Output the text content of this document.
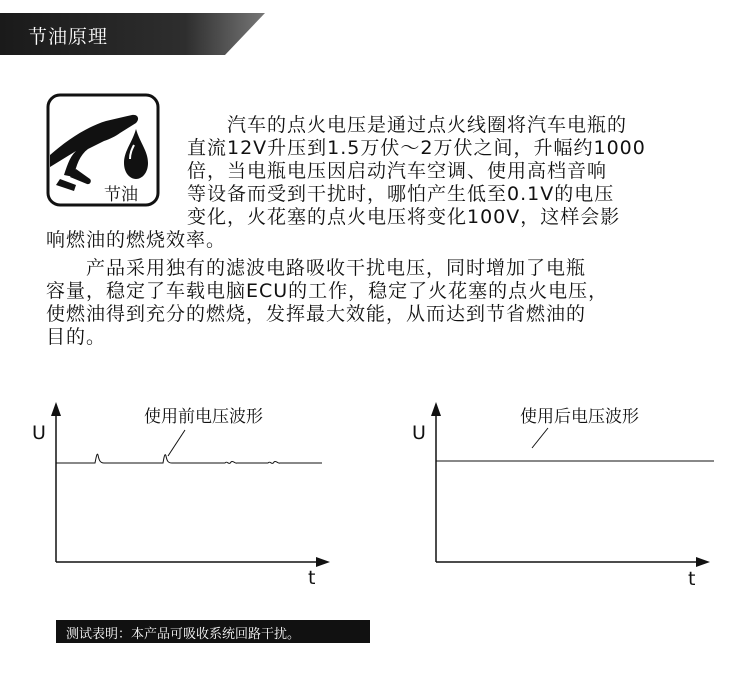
节油原理
节油

　　汽车的点火电压是通过点火线圈将汽车电瓶的

直流12V升压到1.5万伏～2万伏之间，升幅约1000

倍，当电瓶电压因启动汽车空调、使用高档音响

等设备而受到干扰时，哪怕产生低至0.1V的电压

变化，火花塞的点火电压将变化100V，这样会影

响燃油的燃烧效率。

　　产品采用独有的滤波电路吸收干扰电压，同时增加了电瓶

容量，稳定了车载电脑ECU的工作，稳定了火花塞的点火电压，

使燃油得到充分的燃烧，发挥最大效能，从而达到节省燃油的

目的。

使用前电压波形
U
t
使用后电压波形
U
t
测试表明：本产品可吸收系统回路干扰。
